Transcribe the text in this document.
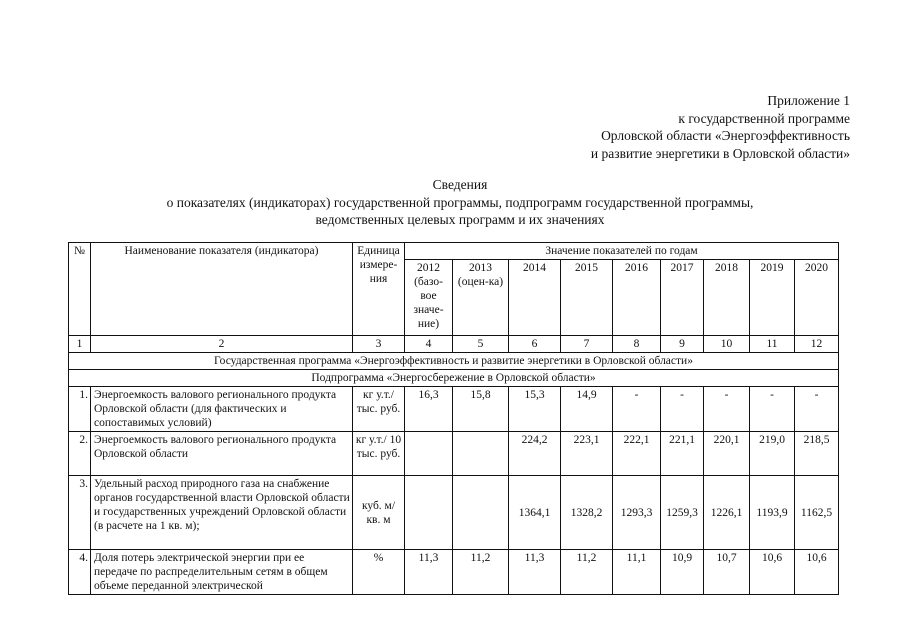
Приложение 1
к государственной программе
Орловской области «Энергоэффективность
и развитие энергетики в Орловской области»
Сведения
о показателях (индикаторах) государственной программы, подпрограмм государственной программы,
ведомственных целевых программ и их значениях
№	Наименование показателя (индикатора)	Единица измере-ния	Значение показателей по годам								
			2012 (базо-вое значе-ние)	2013 (оцен-ка)	2014	2015	2016	2017	2018	2019	2020
1	2	3	4	5	6	7	8	9	10	11	12
Государственная программа «Энергоэффективность и развитие энергетики в Орловской области»											
Подпрограмма «Энергосбережение в Орловской области»											
1.	Энергоемкость валового регионального продукта Орловской области (для фактических и сопоставимых условий)	кг у.т./ тыс. руб.	16,3	15,8	15,3	14,9	-	-	-	-	-
2.	Энергоемкость валового регионального продукта Орловской области	кг у.т./ 10 тыс. руб.			224,2	223,1	222,1	221,1	220,1	219,0	218,5
3.	Удельный расход природного газа на снабжение органов государственной власти Орловской области и государственных учреждений Орловской области (в расчете на 1 кв. м);	куб. м/ кв. м			1364,1	1328,2	1293,3	1259,3	1226,1	1193,9	1162,5
4.	Доля потерь электрической энергии при ее передаче по распределительным сетям в общем объеме переданной электрической	%	11,3	11,2	11,3	11,2	11,1	10,9	10,7	10,6	10,6
